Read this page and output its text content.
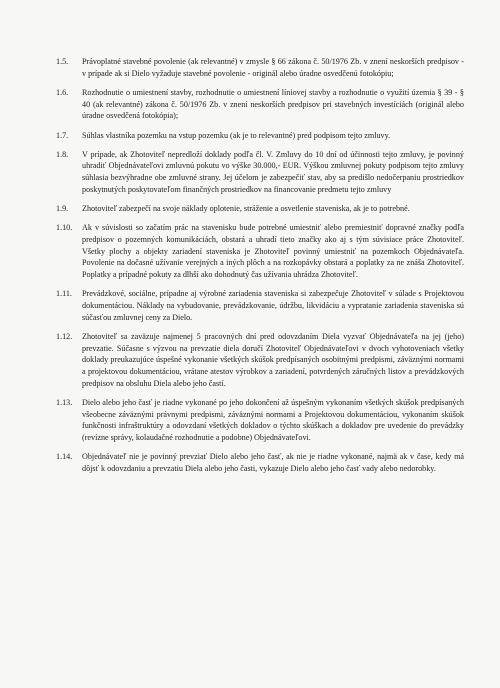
1.5.	Právoplatné stavebné povolenie (ak relevantné) v zmysle § 66 zákona č. 50/1976 Zb. v znení neskorších predpisov - v prípade ak si Dielo vyžaduje stavebné povolenie - originál alebo úradne osvedčenú fotokópiu;
1.6.	Rozhodnutie o umiestnení stavby, rozhodnutie o umiestnení líniovej stavby a rozhodnutie o využití územia § 39 - § 40 (ak relevantné) zákona č. 50/1976 Zb. v znení neskorších predpisov pri stavebných investíciách (originál alebo úradne osvedčená fotokópia);
1.7.	Súhlas vlastníka pozemku na vstup pozemku (ak je to relevantné) pred podpisom tejto zmluvy.
1.8.	V prípade, ak Zhotoviteľ nepredloží doklady podľa čl. V. Zmluvy do 10 dní od účinnosti tejto zmluvy, je povinný uhradiť Objednávateľovi zmluvnú pokutu vo výške 30.000,- EUR. Výškou zmluvnej pokuty podpisom tejto zmluvy súhlasia bezvýhradne obe zmluvné strany. Jej účelom je zabezpečiť stav, aby sa predišlo nedočerpaniu prostriedkov poskytnutých poskytovateľom finančných prostriedkov na financovanie predmetu tejto zmluvy
1.9.	Zhotoviteľ zabezpečí na svoje náklady oplotenie, stráženie a osvetlenie staveniska, ak je to potrebné.
1.10.	Ak v súvislosti so začatím prác na stavenisku bude potrebné umiestniť alebo premiestniť dopravné značky podľa predpisov o pozemných komunikáciách, obstará a uhradí tieto značky ako aj s tým súvisiace práce Zhotoviteľ. Všetky plochy a objekty zariadení staveniska je Zhotoviteľ povinný umiestniť na pozemkoch Objednávateľa. Povolenie na dočasné užívanie verejných a iných plôch a na rozkopávky obstará a poplatky za ne znáša Zhotoviteľ. Poplatky a prípadné pokuty za dlhší ako dohodnutý čas užívania uhrádza Zhotoviteľ.
1.11.	Prevádzkové, sociálne, prípadne aj výrobné zariadenia staveniska si zabezpečuje Zhotoviteľ v súlade s Projektovou dokumentáciou. Náklady na vybudovanie, prevádzkovanie, údržbu, likvidáciu a vypratanie zariadenia staveniska sú súčasťou zmluvnej ceny za Dielo.
1.12.	Zhotoviteľ sa zaväzuje najmenej 5 pracovných dní pred odovzdaním Diela vyzvať Objednávateľa na jej (jeho) prevzatie. Súčasne s výzvou na prevzatie diela doručí Zhotoviteľ Objednávateľovi v dvoch vyhotoveniach všetky doklady preukazujúce úspešné vykonanie všetkých skúšok predpísaných osobitnými predpismi, záväznými normami a projektovou dokumentáciou, vrátane atestov výrobkov a zariadení, potvrdených záručných listov a prevádzkových predpisov na obsluhu Diela alebo jeho častí.
1.13.	Dielo alebo jeho časť je riadne vykonané po jeho dokončení až úspešným vykonaním všetkých skúšok predpísaných všeobecne záväznými právnymi predpismi, záväznými normami a Projektovou dokumentáciou, vykonaním skúšok funkčnosti infraštruktúry a odovzdaní všetkých dokladov o týchto skúškach a dokladov pre uvedenie do prevádzky (revízne správy, kolaudačné rozhodnutie a podobne) Objednávateľovi.
1.14.	Objednávateľ nie je povinný prevziať Dielo alebo jeho časť, ak nie je riadne vykonané, najmä ak v čase, kedy má dôjsť k odovzdaniu a prevzatiu Diela alebo jeho časti, vykazuje Dielo alebo jeho časť vady alebo nedorobky.
